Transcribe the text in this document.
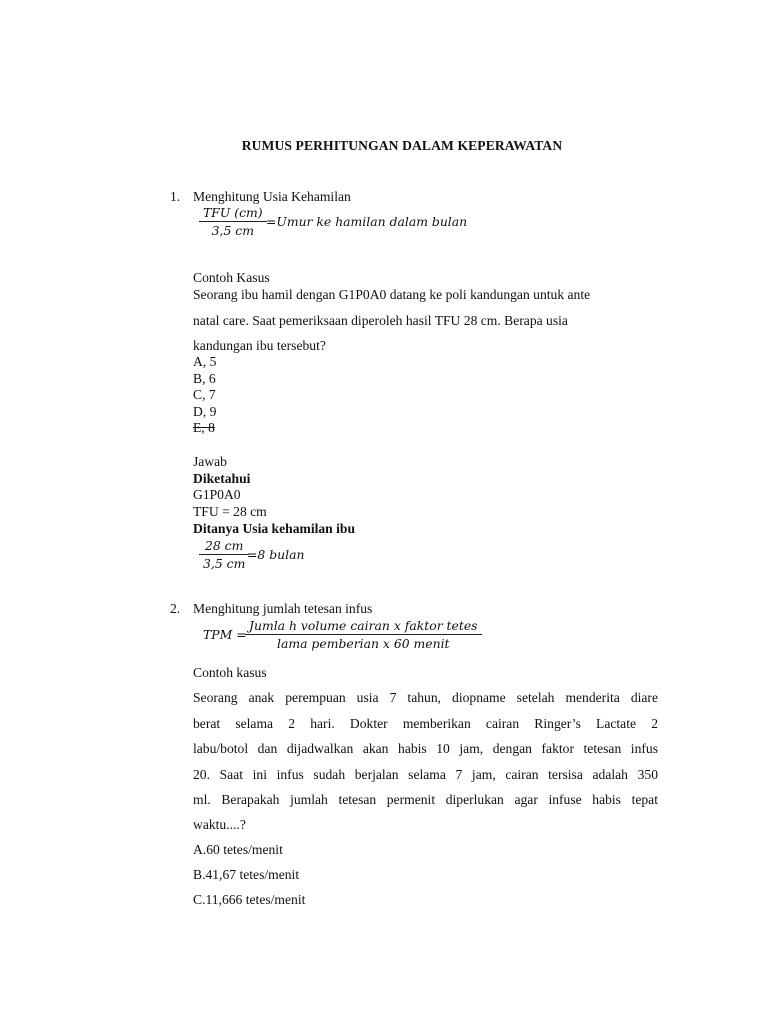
RUMUS PERHITUNGAN DALAM KEPERAWATAN
1. Menghitung Usia Kehamilan
TFU (cm)
3,5 cm
=Umur ke hamilan dalam bulan
Contoh Kasus
Seorang ibu hamil dengan G1P0A0 datang ke poli kandungan untuk ante
natal care. Saat pemeriksaan diperoleh hasil TFU 28 cm. Berapa usia
kandungan ibu tersebut?
A, 5
B, 6
C, 7
D, 9
E, 8
Jawab
Diketahui
G1P0A0
TFU = 28 cm
Ditanya Usia kehamilan ibu
28 cm
3,5 cm
=8 bulan
2. Menghitung jumlah tetesan infus
TPM =
Jumla h volume cairan x faktor tetes
lama pemberian x 60 menit
Contoh kasus
Seorang anak perempuan usia 7 tahun, diopname setelah menderita diare
berat selama 2 hari. Dokter memberikan cairan Ringer’s Lactate 2
labu/botol dan dijadwalkan akan habis 10 jam, dengan faktor tetesan infus
20. Saat ini infus sudah berjalan selama 7 jam, cairan tersisa adalah 350
ml. Berapakah jumlah tetesan permenit diperlukan agar infuse habis tepat
waktu....?
A.60 tetes/menit
B.41,67 tetes/menit
C.11,666 tetes/menit
